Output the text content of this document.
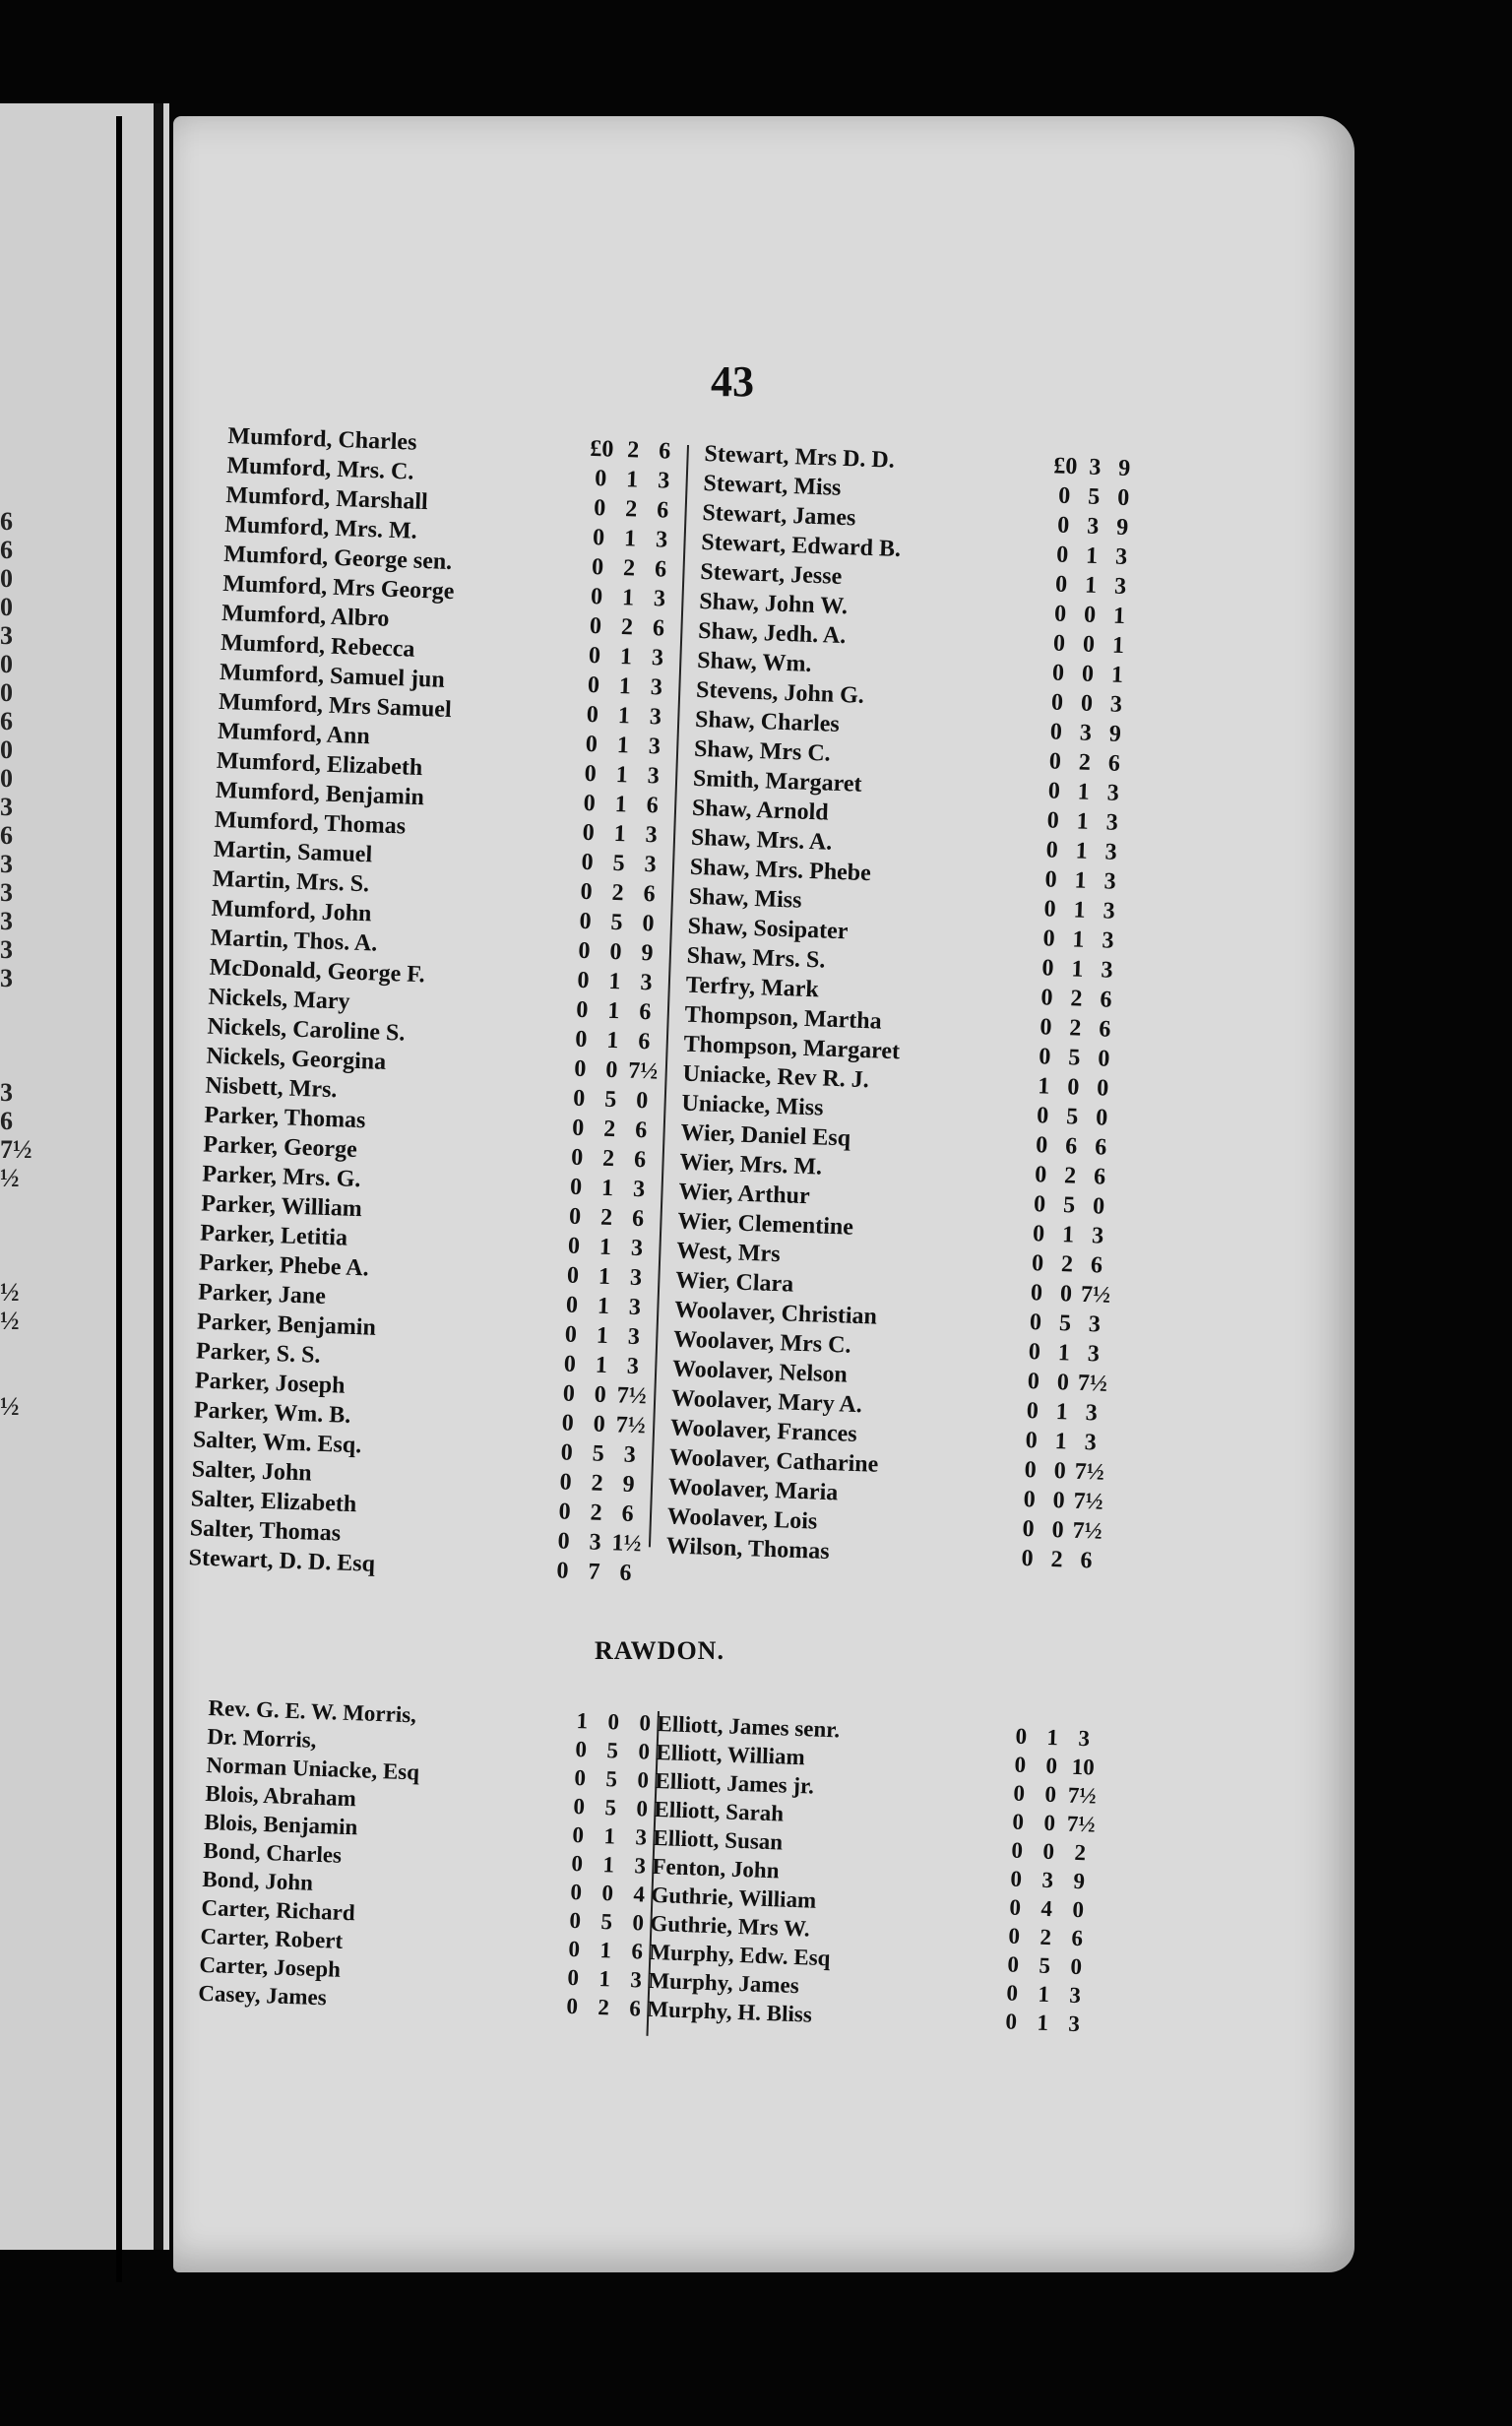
6
6
0
0
3
0
0
6
0
0
3
6
3
3
3
3
3
3
6
7½
½
½
½
½
43
Mumford, Charles	£0 2 6
Mumford, Mrs. C.	0 1 3
Mumford, Marshall	0 2 6
Mumford, Mrs. M.	0 1 3
Mumford, George sen.	0 2 6
Mumford, Mrs George	0 1 3
Mumford, Albro	0 2 6
Mumford, Rebecca	0 1 3
Mumford, Samuel jun	0 1 3
Mumford, Mrs Samuel	0 1 3
Mumford, Ann	0 1 3
Mumford, Elizabeth	0 1 3
Mumford, Benjamin	0 1 6
Mumford, Thomas	0 1 3
Martin, Samuel	0 5 3
Martin, Mrs. S.	0 2 6
Mumford, John	0 5 0
Martin, Thos. A.	0 0 9
McDonald, George F.	0 1 3
Nickels, Mary	0 1 6
Nickels, Caroline S.	0 1 6
Nickels, Georgina	0 0 7½
Nisbett, Mrs.	0 5 0
Parker, Thomas	0 2 6
Parker, George	0 2 6
Parker, Mrs. G.	0 1 3
Parker, William	0 2 6
Parker, Letitia	0 1 3
Parker, Phebe A.	0 1 3
Parker, Jane	0 1 3
Parker, Benjamin	0 1 3
Parker, S. S.	0 1 3
Parker, Joseph	0 0 7½
Parker, Wm. B.	0 0 7½
Salter, Wm. Esq.	0 5 3
Salter, John	0 2 9
Salter, Elizabeth	0 2 6
Salter, Thomas	0 3 1½
Stewart, D. D. Esq	0 7 6
Stewart, Mrs D. D.	£0 3 9
Stewart, Miss	0 5 0
Stewart, James	0 3 9
Stewart, Edward B.	0 1 3
Stewart, Jesse	0 1 3
Shaw, John W.	0 0 1
Shaw, Jedh. A.	0 0 1
Shaw, Wm.	0 0 1
Stevens, John G.	0 0 3
Shaw, Charles	0 3 9
Shaw, Mrs C.	0 2 6
Smith, Margaret	0 1 3
Shaw, Arnold	0 1 3
Shaw, Mrs. A.	0 1 3
Shaw, Mrs. Phebe	0 1 3
Shaw, Miss	0 1 3
Shaw, Sosipater	0 1 3
Shaw, Mrs. S.	0 1 3
Terfry, Mark	0 2 6
Thompson, Martha	0 2 6
Thompson, Margaret	0 5 0
Uniacke, Rev R. J.	1 0 0
Uniacke, Miss	0 5 0
Wier, Daniel Esq	0 6 6
Wier, Mrs. M.	0 2 6
Wier, Arthur	0 5 0
Wier, Clementine	0 1 3
West, Mrs	0 2 6
Wier, Clara	0 0 7½
Woolaver, Christian	0 5 3
Woolaver, Mrs C.	0 1 3
Woolaver, Nelson	0 0 7½
Woolaver, Mary A.	0 1 3
Woolaver, Frances	0 1 3
Woolaver, Catharine	0 0 7½
Woolaver, Maria	0 0 7½
Woolaver, Lois	0 0 7½
Wilson, Thomas	0 2 6
RAWDON.
Rev. G. E. W. Morris,	1 0 0
Dr. Morris,	0 5 0
Norman Uniacke, Esq	0 5 0
Blois, Abraham	0 5 0
Blois, Benjamin	0 1 3
Bond, Charles	0 1 3
Bond, John	0 0 4
Carter, Richard	0 5 0
Carter, Robert	0 1 6
Carter, Joseph	0 1 3
Casey, James	0 2 6
Elliott, James senr.	0 1 3
Elliott, William	0 0 10
Elliott, James jr.	0 0 7½
Elliott, Sarah	0 0 7½
Elliott, Susan	0 0 2
Fenton, John	0 3 9
Guthrie, William	0 4 0
Guthrie, Mrs W.	0 2 6
Murphy, Edw. Esq	0 5 0
Murphy, James	0 1 3
Murphy, H. Bliss	0 1 3
